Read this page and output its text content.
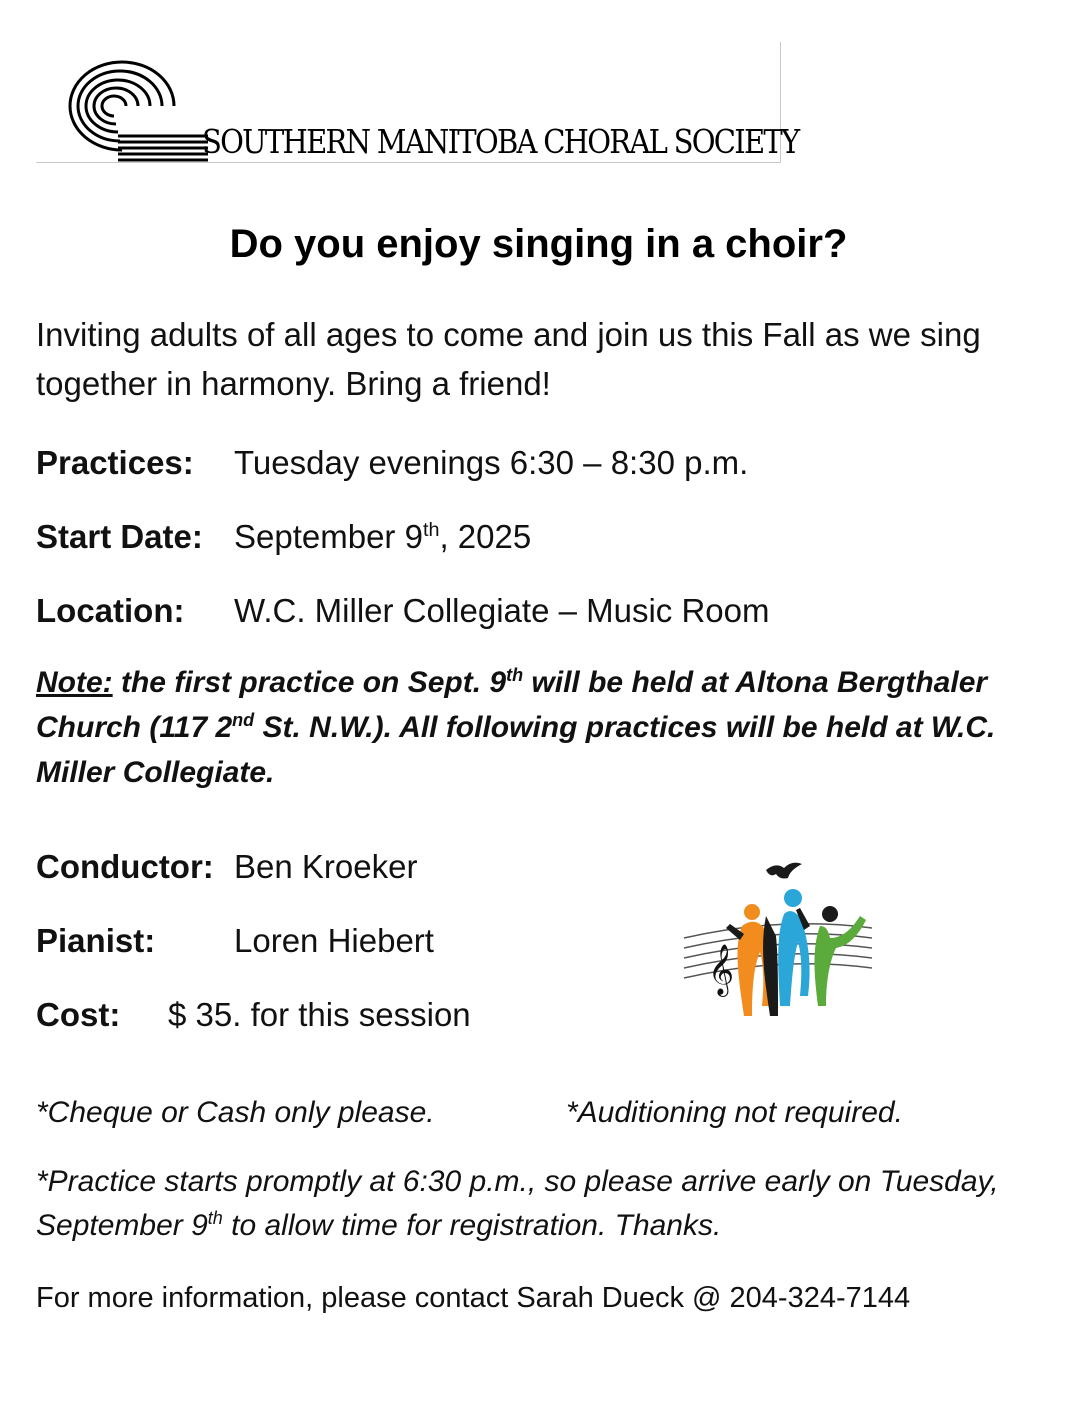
SOUTHERN MANITOBA CHORAL SOCIETY
Do you enjoy singing in a choir?
Inviting adults of all ages to come and join us this Fall as we sing together in harmony. Bring a friend!
Practices: Tuesday evenings 6:30 – 8:30 p.m.
Start Date: September 9th, 2025
Location: W.C. Miller Collegiate – Music Room
Note: the first practice on Sept. 9th will be held at Altona Bergthaler Church (117 2nd St. N.W.). All following practices will be held at W.C. Miller Collegiate.
Conductor: Ben Kroeker
Pianist: Loren Hiebert
Cost: $ 35. for this session
𝄞
*Cheque or Cash only please.	*Auditioning not required.
*Practice starts promptly at 6:30 p.m., so please arrive early on Tuesday, September 9th to allow time for registration. Thanks.
For more information, please contact Sarah Dueck @ 204-324-7144
